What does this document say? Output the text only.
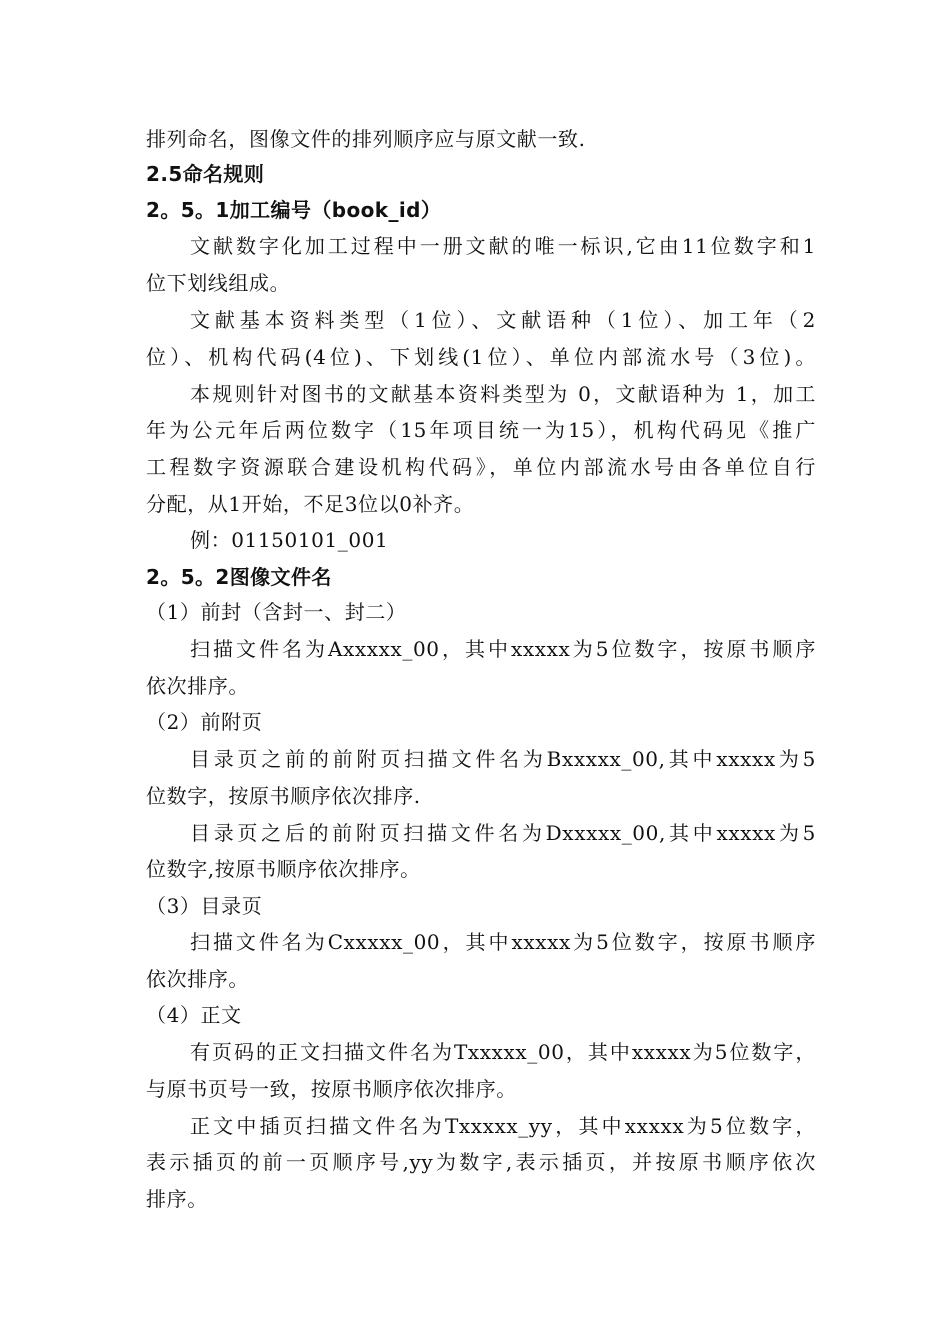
排列命名，图像文件的排列顺序应与原文献一致.
2.5命名规则
2。5。1加工编号（book_id）
文献数字化加工过程中一册文献的唯一标识,它由11位数字和1
位下划线组成。
文献基本资料类型（1位）、文献语种（1位）、加工年（2
位）、机构代码(4位)、下划线(1位）、单位内部流水号（3位)。
本规则针对图书的文献基本资料类型为 0，文献语种为 1，加工
年为公元年后两位数字（15年项目统一为15），机构代码见《推广
工程数字资源联合建设机构代码》，单位内部流水号由各单位自行
分配，从1开始，不足3位以0补齐。
例：01150101_001
2。5。2图像文件名
（1）前封（含封一、封二）
扫描文件名为Axxxxx_00，其中xxxxx为5位数字，按原书顺序
依次排序。
（2）前附页
目录页之前的前附页扫描文件名为Bxxxxx_00,其中xxxxx为5
位数字，按原书顺序依次排序.
目录页之后的前附页扫描文件名为Dxxxxx_00,其中xxxxx为5
位数字,按原书顺序依次排序。
（3）目录页
扫描文件名为Cxxxxx_00，其中xxxxx为5位数字，按原书顺序
依次排序。
（4）正文
有页码的正文扫描文件名为Txxxxx_00，其中xxxxx为5位数字，
与原书页号一致，按原书顺序依次排序。
正文中插页扫描文件名为Txxxxx_yy，其中xxxxx为5位数字，
表示插页的前一页顺序号,yy为数字,表示插页，并按原书顺序依次
排序。
